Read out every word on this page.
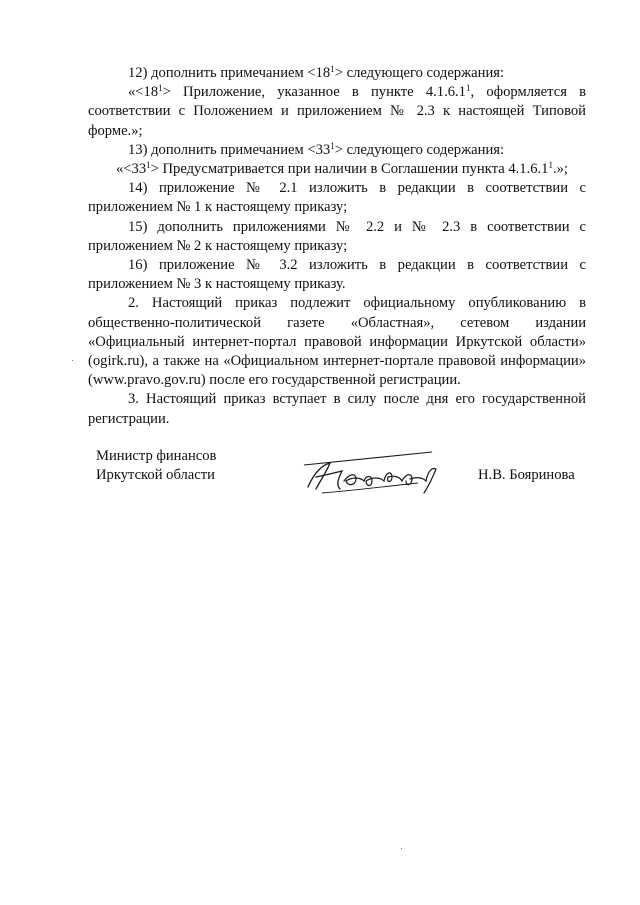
12) дополнить примечанием $<18^1>$ следующего содержания:

«$<18^1>$ Приложение, указанное в пункте 4.1.6.1$^1$, оформляется в соответствии с Положением и приложением № 2.3 к настоящей Типовой форме.»;

13) дополнить примечанием $<33^1>$ следующего содержания:

«$<33^1>$ Предусматривается при наличии в Соглашении пункта 4.1.6.1$^1$.»;

14) приложение № 2.1 изложить в редакции в соответствии с приложением № 1 к настоящему приказу;

15) дополнить приложениями № 2.2 и № 2.3 в соответствии с приложением № 2 к настоящему приказу;

16) приложение № 3.2 изложить в редакции в соответствии с приложением № 3 к настоящему приказу.

2. Настоящий приказ подлежит официальному опубликованию в общественно-политической газете «Областная», сетевом издании «Официальный интернет-портал правовой информации Иркутской области» (ogirk.ru), а также на «Официальном интернет-портале правовой информации» (www.pravo.gov.ru) после его государственной регистрации.

3. Настоящий приказ вступает в силу после дня его государственной регистрации.

Министр финансов
Иркутской области	Н.В. Бояринова
